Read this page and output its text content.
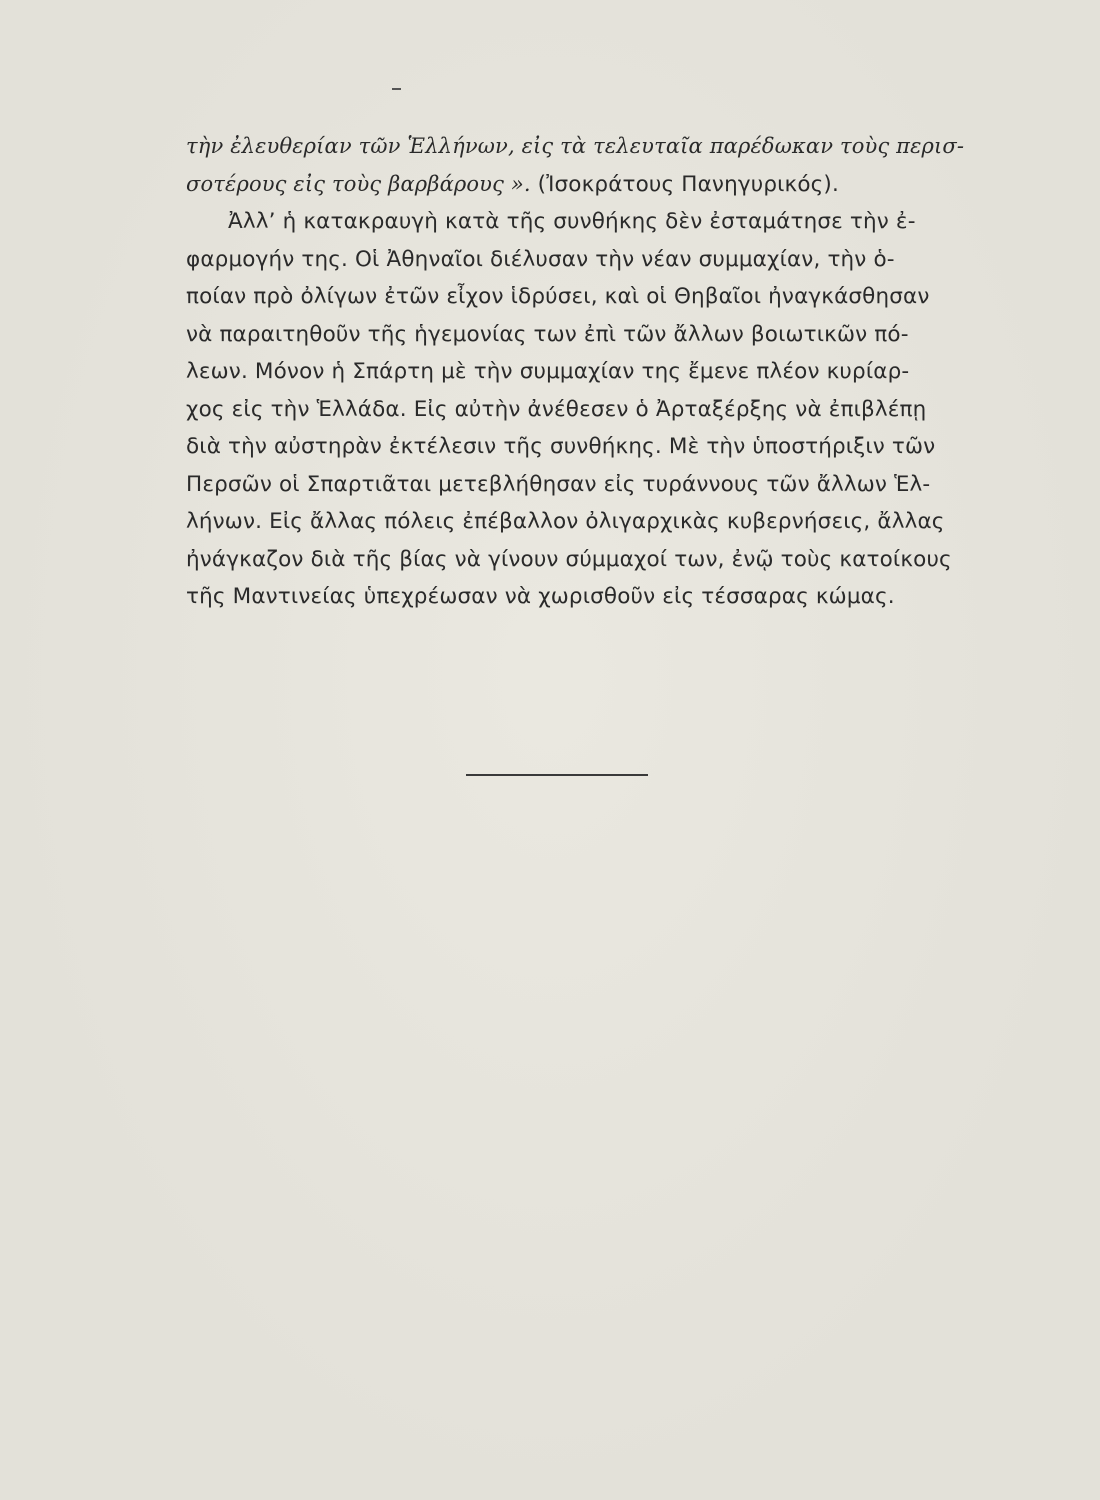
τὴν ἐλευθερίαν τῶν Ἑλλήνων, εἰς τὰ τελευταῖα παρέδωκαν τοὺς περισ-
σοτέρους εἰς τοὺς βαρβάρους ». (Ἰσοκράτους Πανηγυρικός).
Ἀλλ’ ἡ κατακραυγὴ κατὰ τῆς συνθήκης δὲν ἐσταμάτησε τὴν ἐ-
φαρμογήν της. Οἱ Ἀθηναῖοι διέλυσαν τὴν νέαν συμμαχίαν, τὴν ὁ-
ποίαν πρὸ ὀλίγων ἐτῶν εἶχον ἱδρύσει, καὶ οἱ Θηβαῖοι ἠναγκάσθησαν
νὰ παραιτηθοῦν τῆς ἡγεμονίας των ἐπὶ τῶν ἄλλων βοιωτικῶν πό-
λεων. Μόνον ἡ Σπάρτη μὲ τὴν συμμαχίαν της ἔμενε πλέον κυρίαρ-
χος εἰς τὴν Ἑλλάδα. Εἰς αὐτὴν ἀνέθεσεν ὁ Ἀρταξέρξης νὰ ἐπιβλέπῃ
διὰ τὴν αὐστηρὰν ἐκτέλεσιν τῆς συνθήκης. Μὲ τὴν ὑποστήριξιν τῶν
Περσῶν οἱ Σπαρτιᾶται μετεβλήθησαν εἰς τυράννους τῶν ἄλλων Ἑλ-
λήνων. Εἰς ἄλλας πόλεις ἐπέβαλλον ὀλιγαρχικὰς κυβερνήσεις, ἄλλας
ἠνάγκαζον διὰ τῆς βίας νὰ γίνουν σύμμαχοί των, ἐνῷ τοὺς κατοίκους
τῆς Μαντινείας ὑπεχρέωσαν νὰ χωρισθοῦν εἰς τέσσαρας κώμας.
